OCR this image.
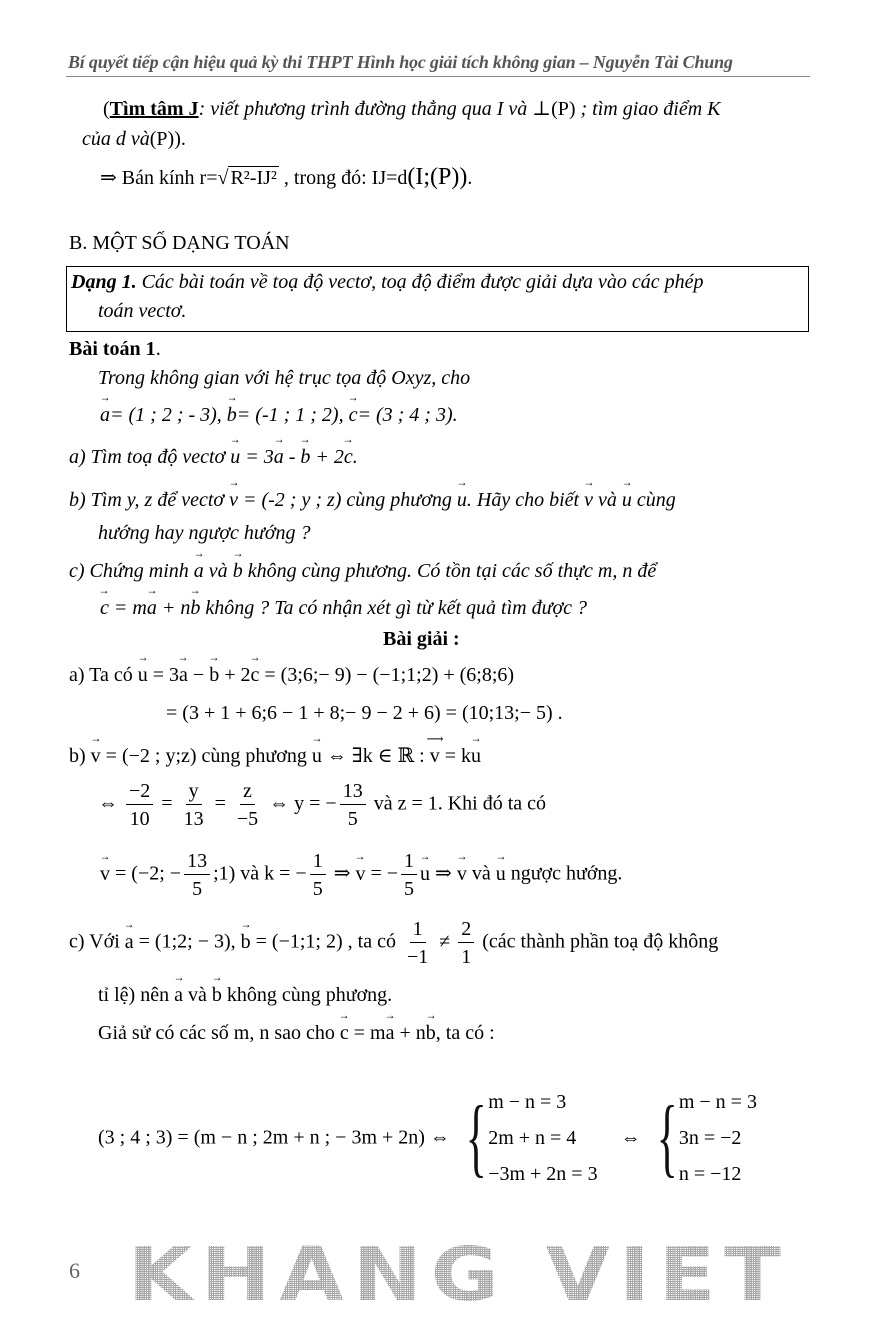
Bí quyết tiếp cận hiệu quả kỳ thi THPT Hình học giải tích không gian – Nguyễn Tài Chung
(Tìm tâm J: viết phương trình đường thẳng qua I và ⊥(P) ; tìm giao điểm K
của d và(P)).
⇒ Bán kính r=√ R²-IJ² , trong đó: IJ=d(I;(P)).
B. MỘT SỐ DẠNG TOÁN
Dạng 1. Các bài toán về toạ độ vectơ, toạ độ điểm được giải dựa vào các phép
toán vectơ.
Bài toán 1.
Trong không gian với hệ trục tọa độ Oxyz, cho
→ a= (1 ; 2 ; - 3), → b= (-1 ; 1 ; 2), → c= (3 ; 4 ; 3).
a) Tìm toạ độ vectơ → u = 3→ a - → b + 2→ c.
b) Tìm y, z để vectơ → v = (-2 ; y ; z) cùng phương → u. Hãy cho biết → v và → u cùng
hướng hay ngược hướng ?
c) Chứng minh → a và → b không cùng phương. Có tồn tại các số thực m, n để
→ c = m→ a + n→ b không ? Ta có nhận xét gì từ kết quả tìm được ?
Bài giải :
a) Ta có → u = 3→ a − → b + 2→ c = (3;6;− 9) − (−1;1;2) + (6;8;6)
= (3 + 1 + 6;6 − 1 + 8;− 9 − 2 + 6) = (10;13;− 5) .
b) → v = (−2 ; y;z) cùng phương → u ⇔ ∃k ∈ ℝ : ⟶ v = k→ u
⇔ $\frac{-2}{10} = \frac{y}{13} = \frac{z}{-5}$ ⇔ y = − $\frac{13}{5}$ và z = 1. Khi đó ta có
→ v = (−2; − $\frac{13}{5}$ ;1) và k = − $\frac{1}{5}$ ⇒ → v = − $\frac{1}{5} \to u$ ⇒ → v và → u ngược hướng.
c) Với → a = (1;2; − 3), → b = (−1;1; 2) , ta có $\frac{1}{-1} \ne \frac{2}{1}$ (các thành phần toạ độ không
tỉ lệ) nên → a và → b không cùng phương.
Giả sử có các số m, n sao cho → c = m→ a + n→ b, ta có :
(3 ; 4 ; 3) = (m − n ; 2m + n ; − 3m + 2n) ⇔ { m − n = 3
2m + n = 4
−3m + 2n = 3
⇔ { m − n = 3
3n = −2
n = −12
6 KHANG VIET
